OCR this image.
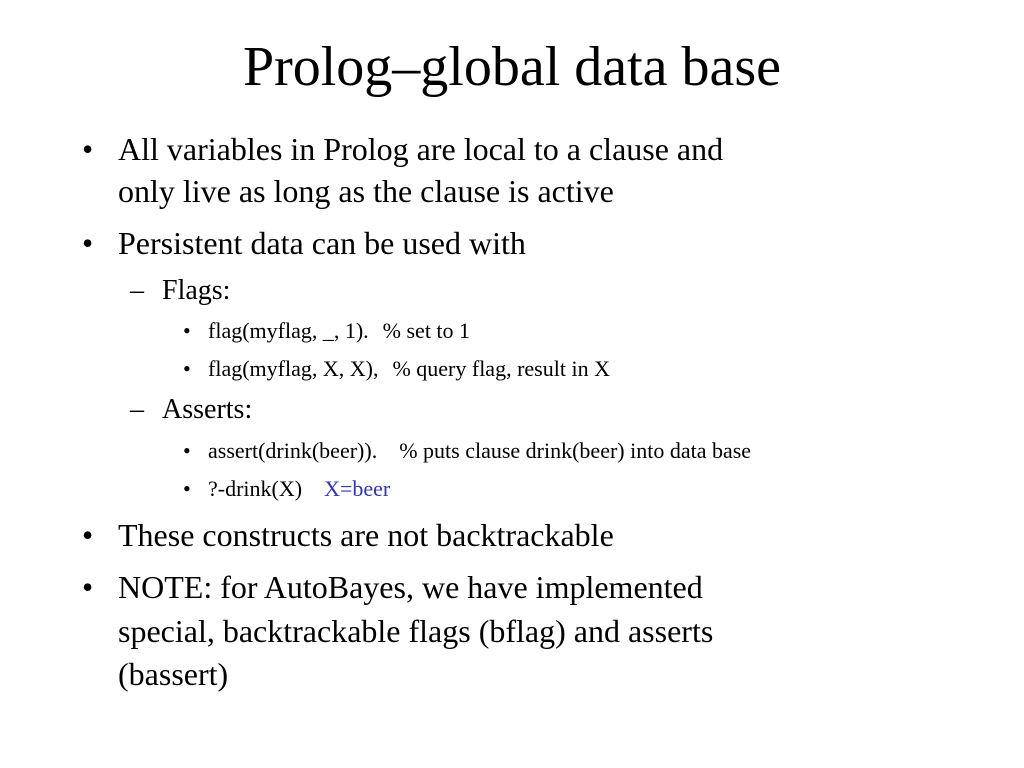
Prolog–global data base
• All variables in Prolog are local to a clause and
only live as long as the clause is active
• Persistent data can be used with
– Flags:
• flag(myflag, _, 1). % set to 1
• flag(myflag, X, X), % query flag, result in X
– Asserts:
• assert(drink(beer)). % puts clause drink(beer) into data base
• ?-drink(X) X=beer
• These constructs are not backtrackable
• NOTE: for AutoBayes, we have implemented
special, backtrackable flags (bflag) and asserts
(bassert)
